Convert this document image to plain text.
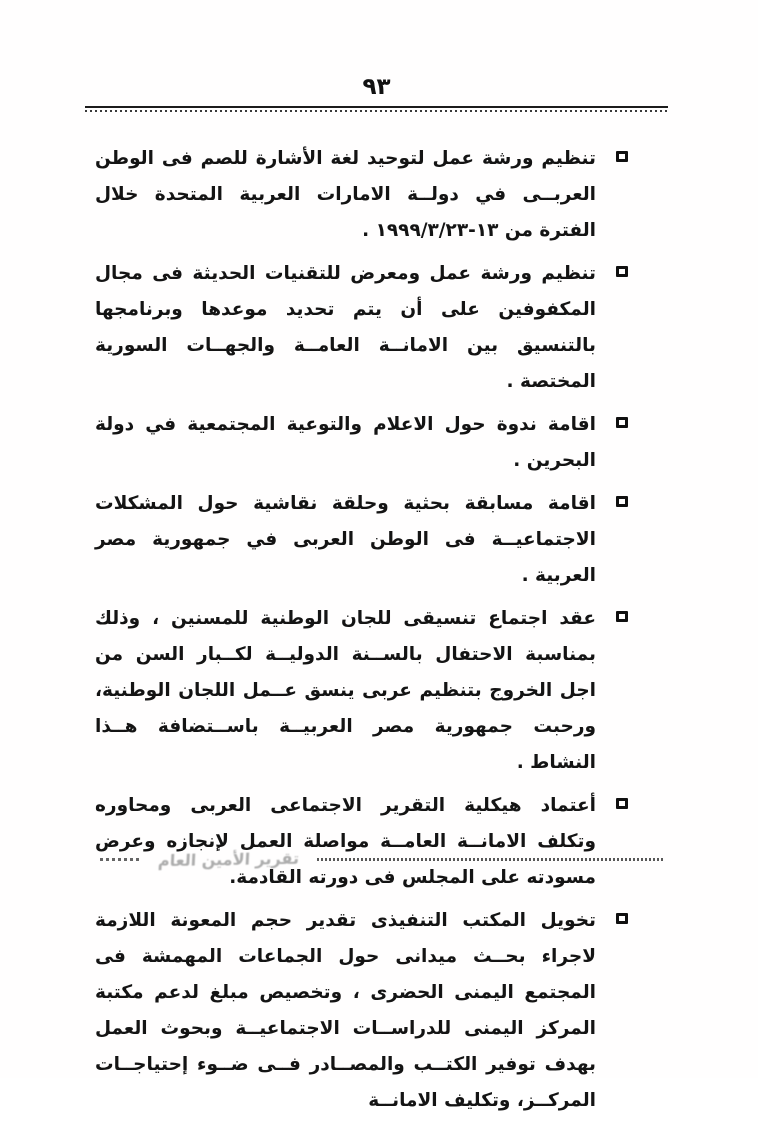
٩٣
تنظيم ورشة عمل لتوحيد لغة الأشارة للصم فى الوطن العربــى في دولــة الامارات العربية المتحدة خلال الفترة من ١٣-١٩٩٩/٣/٢٣ .
تنظيم ورشة عمل ومعرض للتقنيات الحديثة فى مجال المكفوفين على أن يتم تحديد موعدها وبرنامجها بالتنسيق بين الامانــة العامــة والجهــات السورية المختصة .
اقامة ندوة حول الاعلام والتوعية المجتمعية في دولة البحرين .
اقامة مسابقة بحثية وحلقة نقاشية حول المشكلات الاجتماعيــة فى الوطن العربى في جمهورية مصر العربية .
عقد اجتماع تنسيقى للجان الوطنية للمسنين ، وذلك بمناسبة الاحتفال بالســنة الدوليــة لكــبار السن من اجل الخروج بتنظيم عربى ينسق عــمل اللجان الوطنية، ورحبت جمهورية مصر العربيــة باســتضافة هــذا النشاط .
أعتماد هيكلية التقرير الاجتماعى العربى ومحاوره وتكلف الامانــة العامــة مواصلة العمل لإنجازه وعرض مسودته على المجلس فى دورته القادمة.
تخويل المكتب التنفيذى تقدير حجم المعونة اللازمة لاجراء بحــث ميدانى حول الجماعات المهمشة فى المجتمع اليمنى الحضرى ، وتخصيص مبلغ لدعم مكتبة المركز اليمنى للدراســات الاجتماعيــة وبحوث العمل بهدف توفير الكتــب والمصــادر فــى ضــوء إحتياجــات المركــز، وتكليف الامانــة
تقرير الأمين العام
